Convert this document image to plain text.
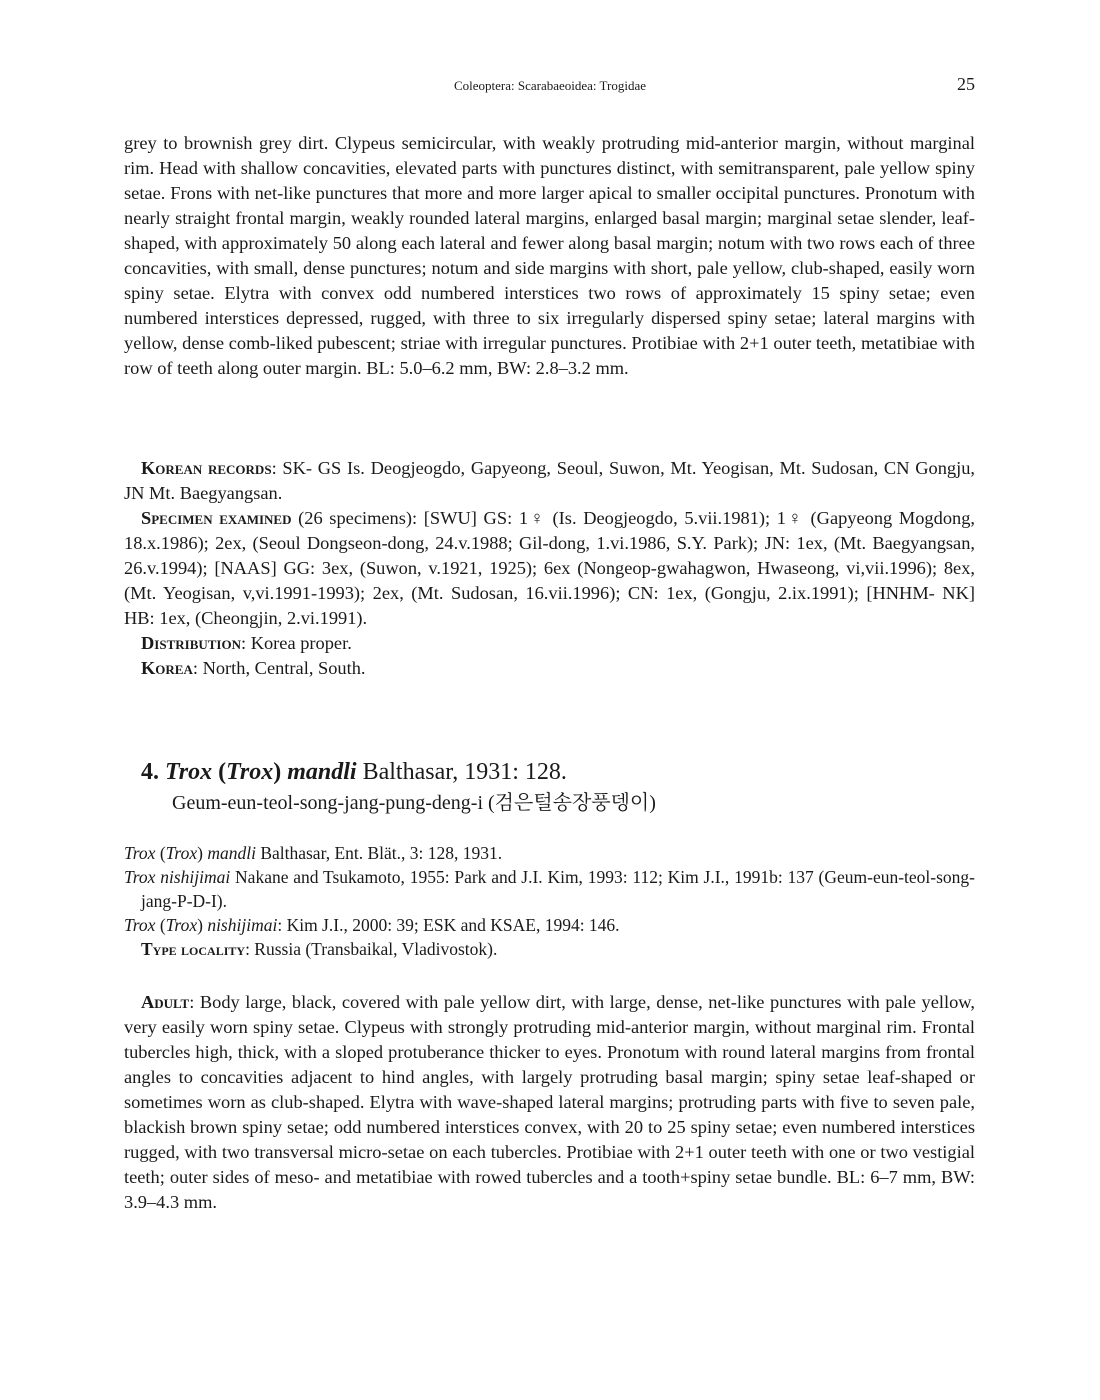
Coleoptera: Scarabaeoidea: Trogidae	25

grey to brownish grey dirt. Clypeus semicircular, with weakly protruding mid-anterior margin, without marginal rim. Head with shallow concavities, elevated parts with punctures distinct, with semitransparent, pale yellow spiny setae. Frons with net-like punctures that more and more larger apical to smaller occipital punctures. Pronotum with nearly straight frontal margin, weakly rounded lateral margins, enlarged basal margin; marginal setae slender, leaf-shaped, with approximately 50 along each lateral and fewer along basal margin; notum with two rows each of three concavities, with small, dense punctures; notum and side margins with short, pale yellow, club-shaped, easily worn spiny setae. Elytra with convex odd numbered interstices two rows of approximately 15 spiny setae; even numbered interstices depressed, rugged, with three to six irregularly dispersed spiny setae; lateral margins with yellow, dense comb-liked pubescent; striae with irregular punctures. Protibiae with 2+1 outer teeth, metatibiae with row of teeth along outer margin. BL: 5.0–6.2 mm, BW: 2.8–3.2 mm.

Korean records: SK- GS Is. Deogjeogdo, Gapyeong, Seoul, Suwon, Mt. Yeogisan, Mt. Sudosan, CN Gongju, JN Mt. Baegyangsan.

Specimen examined (26 specimens): [SWU] GS: 1♀ (Is. Deogjeogdo, 5.vii.1981); 1♀ (Gapyeong Mogdong, 18.x.1986); 2ex, (Seoul Dongseon-dong, 24.v.1988; Gil-dong, 1.vi.1986, S.Y. Park); JN: 1ex, (Mt. Baegyangsan, 26.v.1994); [NAAS] GG: 3ex, (Suwon, v.1921, 1925); 6ex (Nongeop-gwahagwon, Hwaseong, vi,vii.1996); 8ex, (Mt. Yeogisan, v,vi.1991-1993); 2ex, (Mt. Sudosan, 16.vii.1996); CN: 1ex, (Gongju, 2.ix.1991); [HNHM- NK] HB: 1ex, (Cheongjin, 2.vi.1991).

Distribution: Korea proper.

Korea: North, Central, South.

4. Trox (Trox) mandli Balthasar, 1931: 128.
Geum-eun-teol-song-jang-pung-deng-i (검은털송장풍뎅이)

Trox (Trox) mandli Balthasar, Ent. Blät., 3: 128, 1931.

Trox nishijimai Nakane and Tsukamoto, 1955: Park and J.I. Kim, 1993: 112; Kim J.I., 1991b: 137 (Geum-eun-teol-song-jang-P-D-I).

Trox (Trox) nishijimai: Kim J.I., 2000: 39; ESK and KSAE, 1994: 146.

Type locality: Russia (Transbaikal, Vladivostok).

Adult: Body large, black, covered with pale yellow dirt, with large, dense, net-like punctures with pale yellow, very easily worn spiny setae. Clypeus with strongly protruding mid-anterior margin, without marginal rim. Frontal tubercles high, thick, with a sloped protuberance thicker to eyes. Pronotum with round lateral margins from frontal angles to concavities adjacent to hind angles, with largely protruding basal margin; spiny setae leaf-shaped or sometimes worn as club-shaped. Elytra with wave-shaped lateral margins; protruding parts with five to seven pale, blackish brown spiny setae; odd numbered interstices convex, with 20 to 25 spiny setae; even numbered interstices rugged, with two transversal micro-setae on each tubercles. Protibiae with 2+1 outer teeth with one or two vestigial teeth; outer sides of meso- and metatibiae with rowed tubercles and a tooth+spiny setae bundle. BL: 6–7 mm, BW: 3.9–4.3 mm.
